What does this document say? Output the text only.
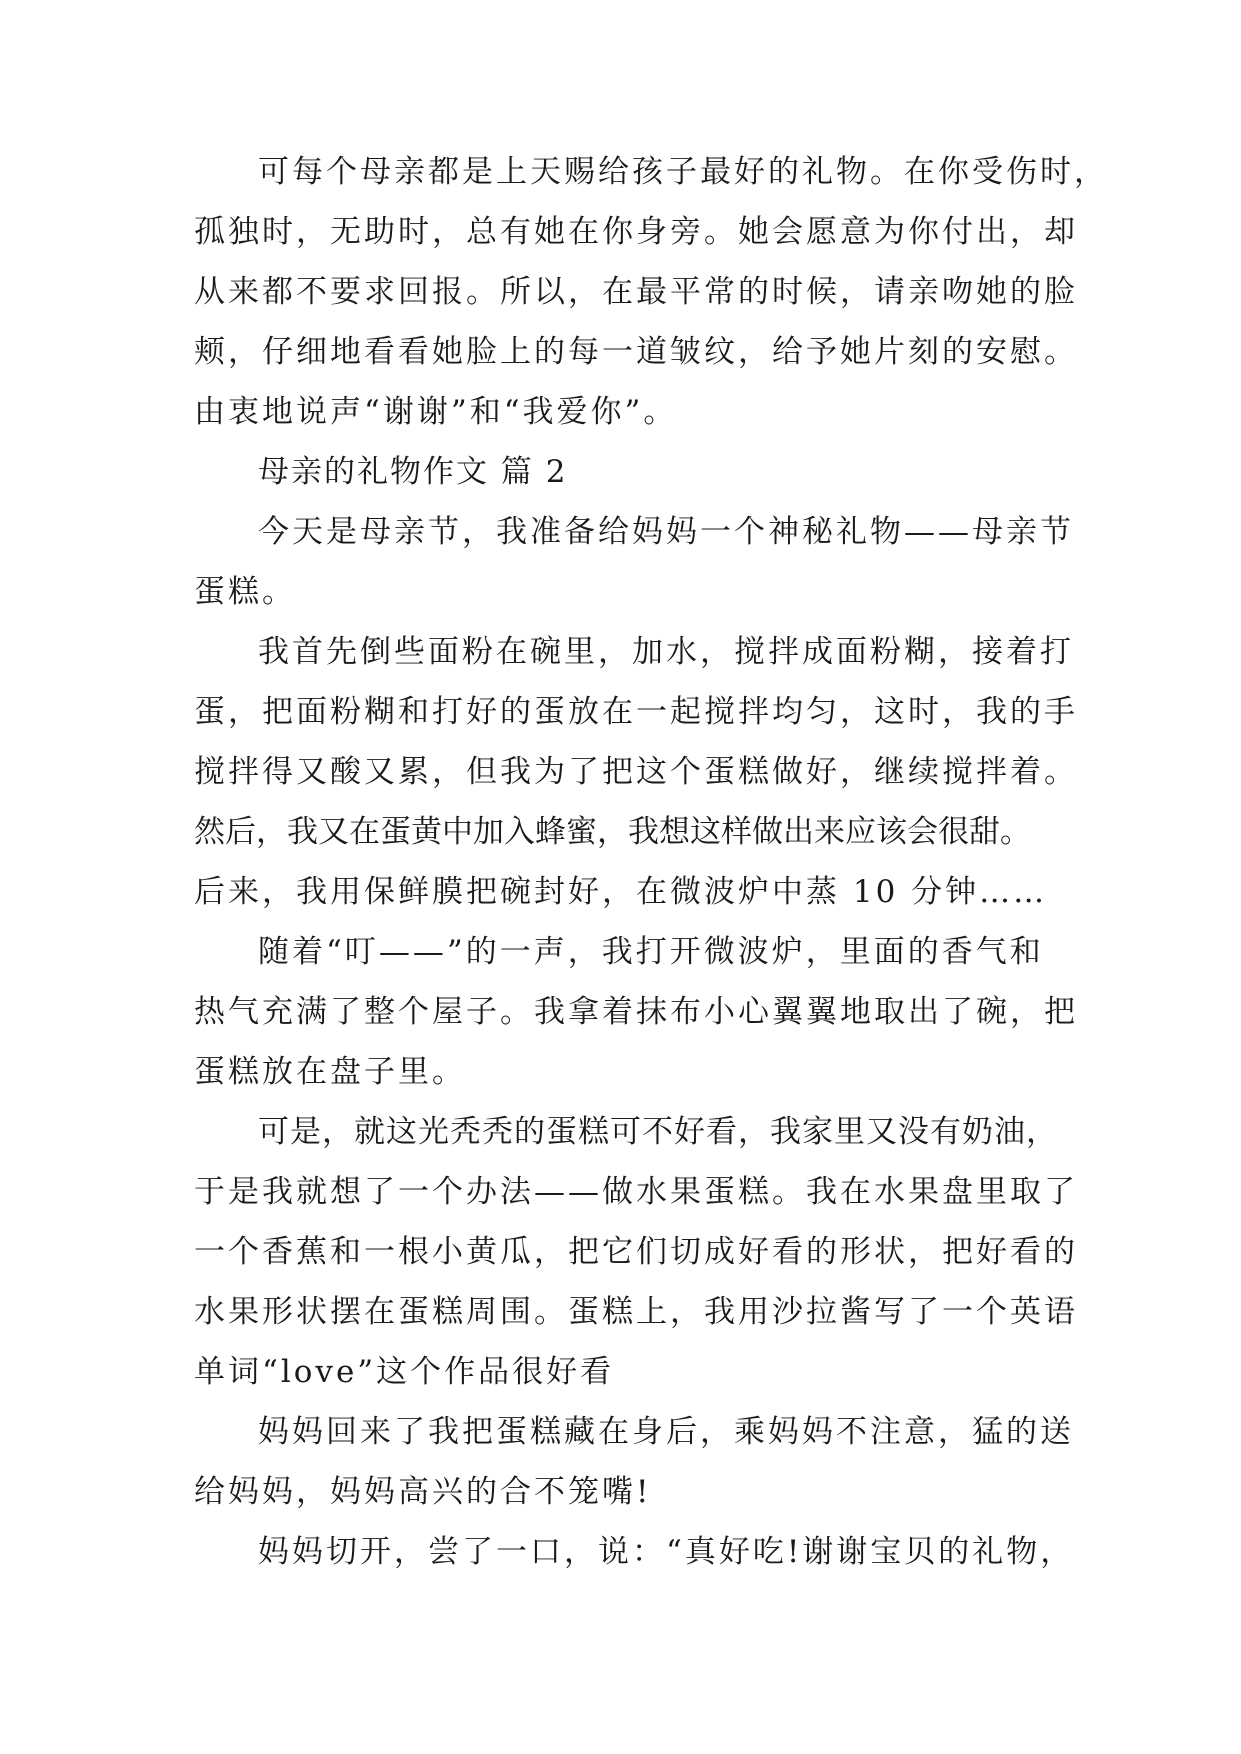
可每个母亲都是上天赐给孩子最好的礼物。在你受伤时，
孤独时，无助时，总有她在你身旁。她会愿意为你付出，却
从来都不要求回报。所以，在最平常的时候，请亲吻她的脸
颊，仔细地看看她脸上的每一道皱纹，给予她片刻的安慰。
由衷地说声“谢谢”和“我爱你”。
母亲的礼物作文 篇 2
今天是母亲节，我准备给妈妈一个神秘礼物——母亲节
蛋糕。
我首先倒些面粉在碗里，加水，搅拌成面粉糊，接着打
蛋，把面粉糊和打好的蛋放在一起搅拌均匀，这时，我的手
搅拌得又酸又累，但我为了把这个蛋糕做好，继续搅拌着。
然后，我又在蛋黄中加入蜂蜜，我想这样做出来应该会很甜。
后来，我用保鲜膜把碗封好，在微波炉中蒸 10 分钟……
随着“叮——”的一声，我打开微波炉，里面的香气和
热气充满了整个屋子。我拿着抹布小心翼翼地取出了碗，把
蛋糕放在盘子里。
可是，就这光秃秃的蛋糕可不好看，我家里又没有奶油，
于是我就想了一个办法——做水果蛋糕。我在水果盘里取了
一个香蕉和一根小黄瓜，把它们切成好看的形状，把好看的
水果形状摆在蛋糕周围。蛋糕上，我用沙拉酱写了一个英语
单词“love”这个作品很好看
妈妈回来了我把蛋糕藏在身后，乘妈妈不注意，猛的送
给妈妈，妈妈高兴的合不笼嘴!
妈妈切开，尝了一口，说：“真好吃!谢谢宝贝的礼物，
